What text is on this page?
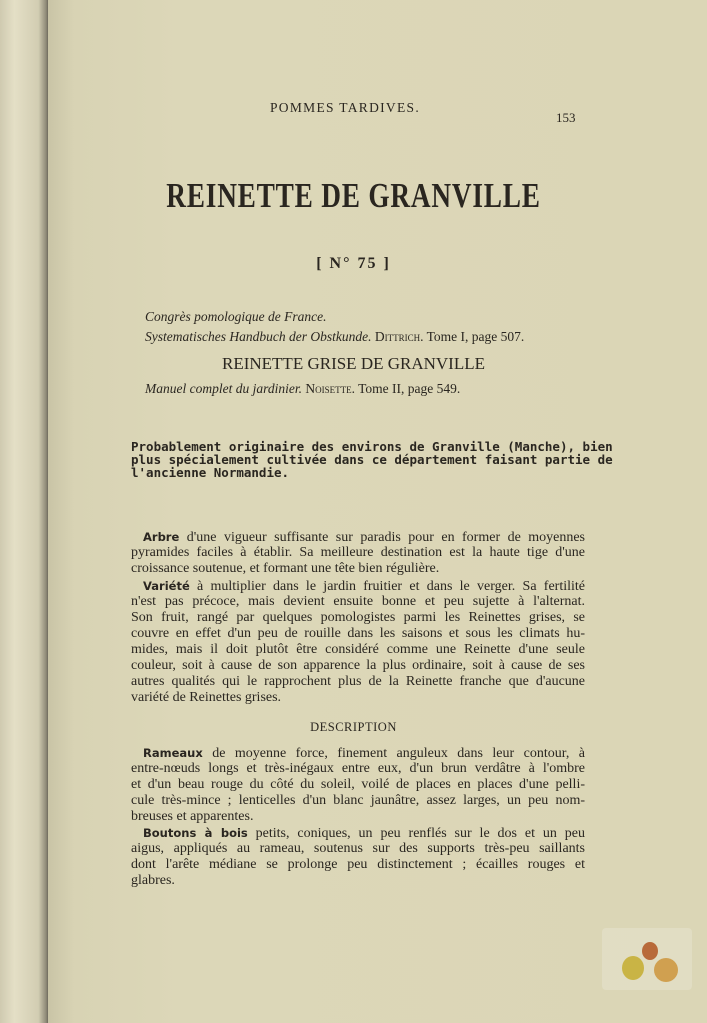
POMMES TARDIVES.
153
REINETTE DE GRANVILLE
[ N° 75 ]
Congrès pomologique de France.
Systematisches Handbuch der Obstkunde. Dittrich. Tome I, page 507.
REINETTE GRISE DE GRANVILLE
Manuel complet du jardinier. Noisette. Tome II, page 549.
Probablement originaire des environs de Granville (Manche), bien
plus spécialement cultivée dans ce département faisant partie de
l'ancienne Normandie.
Arbre d'une vigueur suffisante sur paradis pour en former de moyennes
pyramides faciles à établir. Sa meilleure destination est la haute tige d'une
croissance soutenue, et formant une tête bien régulière.
Variété à multiplier dans le jardin fruitier et dans le verger. Sa fertilité
n'est pas précoce, mais devient ensuite bonne et peu sujette à l'alternat.
Son fruit, rangé par quelques pomologistes parmi les Reinettes grises, se
couvre en effet d'un peu de rouille dans les saisons et sous les climats hu-
mides, mais il doit plutôt être considéré comme une Reinette d'une seule
couleur, soit à cause de son apparence la plus ordinaire, soit à cause de ses
autres qualités qui le rapprochent plus de la Reinette franche que d'aucune
variété de Reinettes grises.
DESCRIPTION
Rameaux de moyenne force, finement anguleux dans leur contour, à
entre-nœuds longs et très-inégaux entre eux, d'un brun verdâtre à l'ombre
et d'un beau rouge du côté du soleil, voilé de places en places d'une pelli-
cule très-mince ; lenticelles d'un blanc jaunâtre, assez larges, un peu nom-
breuses et apparentes.
Boutons à bois petits, coniques, un peu renflés sur le dos et un peu
aigus, appliqués au rameau, soutenus sur des supports très-peu saillants
dont l'arête médiane se prolonge peu distinctement ; écailles rouges et
glabres.
